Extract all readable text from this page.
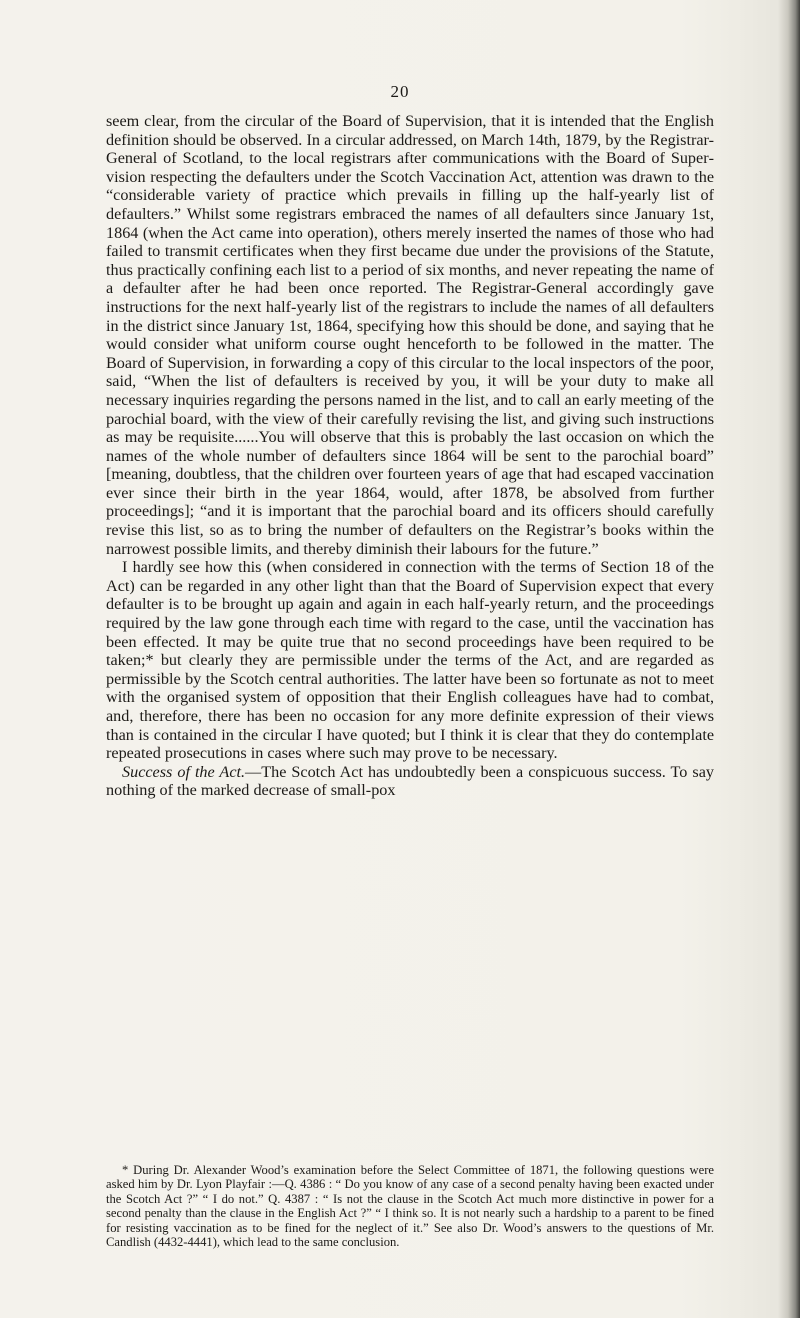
20

seem clear, from the circular of the Board of Supervision, that it is intended that the English definition should be observed. In a circular addressed, on March 14th, 1879, by the Registrar-General of Scotland, to the local registrars after communications with the Board of Supervision respecting the defaulters under the Scotch Vaccination Act, attention was drawn to the “considerable variety of practice which prevails in filling up the half-yearly list of defaulters.” Whilst some registrars embraced the names of all defaulters since January 1st, 1864 (when the Act came into operation), others merely inserted the names of those who had failed to transmit certificates when they first became due under the provisions of the Statute, thus practically confining each list to a period of six months, and never repeating the name of a defaulter after he had been once reported. The Registrar-General accordingly gave instructions for the next half-yearly list of the registrars to include the names of all defaulters in the district since January 1st, 1864, specifying how this should be done, and saying that he would consider what uniform course ought henceforth to be followed in the matter. The Board of Supervision, in forwarding a copy of this circular to the local inspectors of the poor, said, “When the list of defaulters is received by you, it will be your duty to make all necessary inquiries regarding the persons named in the list, and to call an early meeting of the parochial board, with the view of their carefully revising the list, and giving such instructions as may be requisite......You will observe that this is probably the last occasion on which the names of the whole number of defaulters since 1864 will be sent to the parochial board” [meaning, doubtless, that the children over fourteen years of age that had escaped vaccination ever since their birth in the year 1864, would, after 1878, be absolved from further proceedings]; “and it is important that the parochial board and its officers should carefully revise this list, so as to bring the number of defaulters on the Registrar’s books within the narrowest possible limits, and thereby diminish their labours for the future.”

I hardly see how this (when considered in connection with the terms of Section 18 of the Act) can be regarded in any other light than that the Board of Supervision expect that every defaulter is to be brought up again and again in each half-yearly return, and the proceedings required by the law gone through each time with regard to the case, until the vaccination has been effected. It may be quite true that no second proceedings have been required to be taken;* but clearly they are permissible under the terms of the Act, and are regarded as permissible by the Scotch central authorities. The latter have been so fortunate as not to meet with the organised system of opposition that their English colleagues have had to combat, and, therefore, there has been no occasion for any more definite expression of their views than is contained in the circular I have quoted; but I think it is clear that they do contemplate repeated prosecutions in cases where such may prove to be necessary.

Success of the Act.—The Scotch Act has undoubtedly been a conspicuous success. To say nothing of the marked decrease of small-pox

* During Dr. Alexander Wood’s examination before the Select Committee of 1871, the following questions were asked him by Dr. Lyon Playfair :—Q. 4386 : “ Do you know of any case of a second penalty having been exacted under the Scotch Act ?” “ I do not.” Q. 4387 : “ Is not the clause in the Scotch Act much more distinctive in power for a second penalty than the clause in the English Act ?” “ I think so. It is not nearly such a hardship to a parent to be fined for resisting vaccination as to be fined for the neglect of it.” See also Dr. Wood’s answers to the questions of Mr. Candlish (4432-4441), which lead to the same conclusion.
